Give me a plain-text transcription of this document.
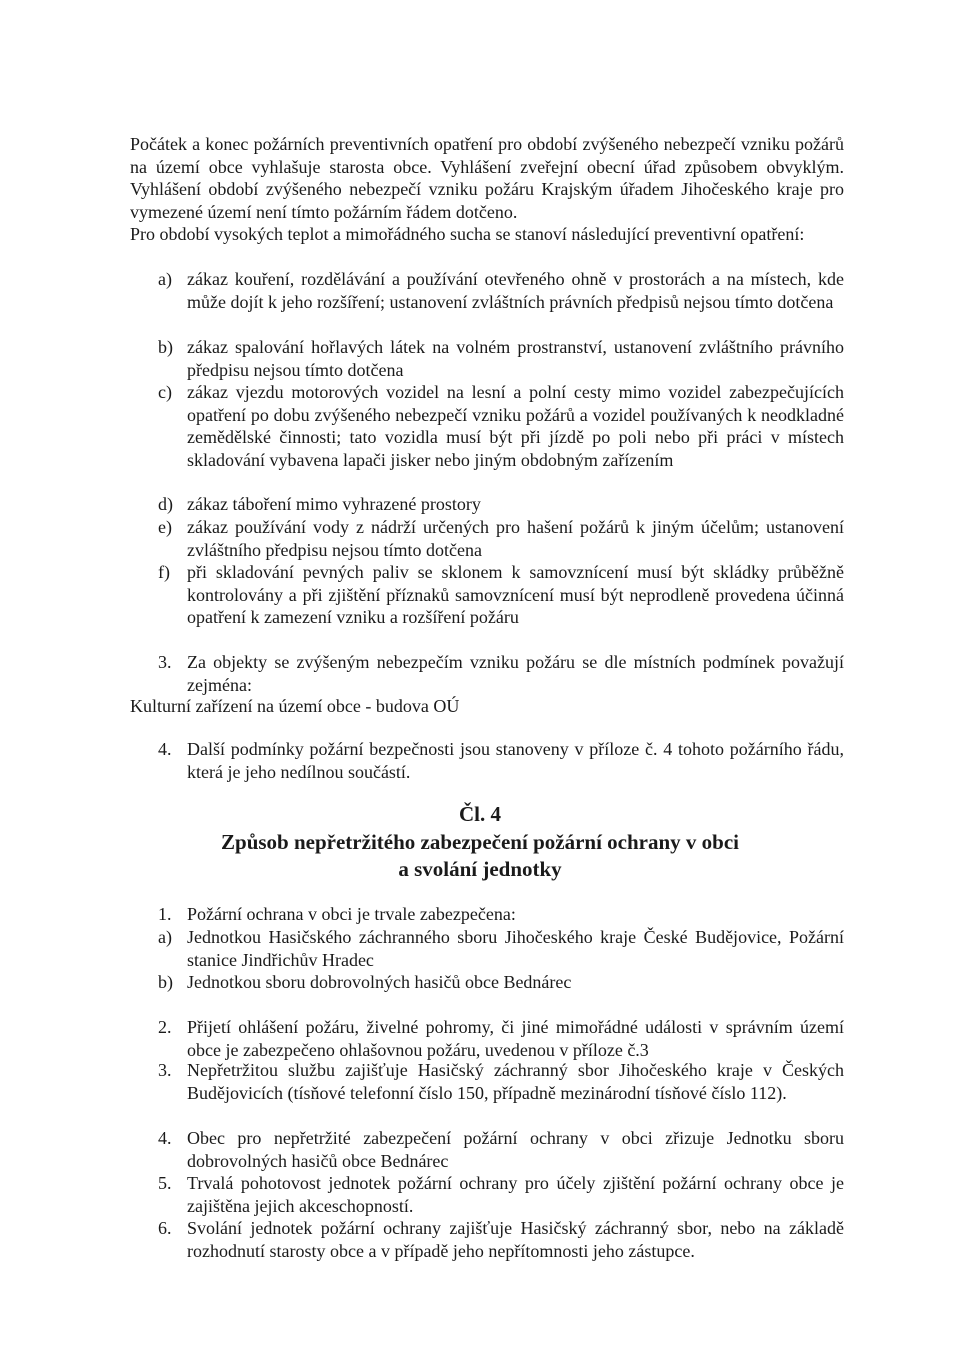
Počátek a konec požárních preventivních opatření pro období zvýšeného nebezpečí vzniku požárů na území obce vyhlašuje starosta obce. Vyhlášení zveřejní obecní úřad způsobem obvyklým. Vyhlášení období zvýšeného nebezpečí vzniku požáru Krajským úřadem Jihočeského kraje pro vymezené území není tímto požárním řádem dotčeno.
Pro období vysokých teplot a mimořádného sucha se stanoví následující preventivní opatření:
a) zákaz kouření, rozdělávání a používání otevřeného ohně v prostorách a na místech, kde může dojít k jeho rozšíření; ustanovení zvláštních právních předpisů nejsou tímto dotčena
b) zákaz spalování hořlavých látek na volném prostranství, ustanovení zvláštního právního předpisu nejsou tímto dotčena
c) zákaz vjezdu motorových vozidel na lesní a polní cesty mimo vozidel zabezpečujících opatření po dobu zvýšeného nebezpečí vzniku požárů a vozidel používaných k neodkladné zemědělské činnosti; tato vozidla musí být při jízdě po poli nebo při práci v místech skladování vybavena lapači jisker nebo jiným obdobným zařízením
d) zákaz táboření mimo vyhrazené prostory
e) zákaz používání vody z nádrží určených pro hašení požárů k jiným účelům; ustanovení zvláštního předpisu nejsou tímto dotčena
f) při skladování pevných paliv se sklonem k samovznícení musí být skládky průběžně kontrolovány a při zjištění příznaků samovznícení musí být neprodleně provedena účinná opatření k zamezení vzniku a rozšíření požáru
3. Za objekty se zvýšeným nebezpečím vzniku požáru se dle místních podmínek považují zejména:
Kulturní zařízení na území obce - budova OÚ
4. Další podmínky požární bezpečnosti jsou stanoveny v příloze č. 4 tohoto požárního řádu, která je jeho nedílnou součástí.
Čl. 4
Způsob nepřetržitého zabezpečení požární ochrany v obci
a svolání jednotky
1. Požární ochrana v obci je trvale zabezpečena:
a) Jednotkou Hasičského záchranného sboru Jihočeského kraje České Budějovice, Požární stanice Jindřichův Hradec
b) Jednotkou sboru dobrovolných hasičů obce Bednárec
2. Přijetí ohlášení požáru, živelné pohromy, či jiné mimořádné události v správním území obce je zabezpečeno ohlašovnou požáru, uvedenou v příloze č.3
3. Nepřetržitou službu zajišťuje Hasičský záchranný sbor Jihočeského kraje v Českých Budějovicích (tísňové telefonní číslo 150, případně mezinárodní tísňové číslo 112).
4. Obec pro nepřetržité zabezpečení požární ochrany v obci zřizuje Jednotku sboru dobrovolných hasičů obce Bednárec
5. Trvalá pohotovost jednotek požární ochrany pro účely zjištění požární ochrany obce je zajištěna jejich akceschopností.
6. Svolání jednotek požární ochrany zajišťuje Hasičský záchranný sbor, nebo na základě rozhodnutí starosty obce a v případě jeho nepřítomnosti jeho zástupce.
